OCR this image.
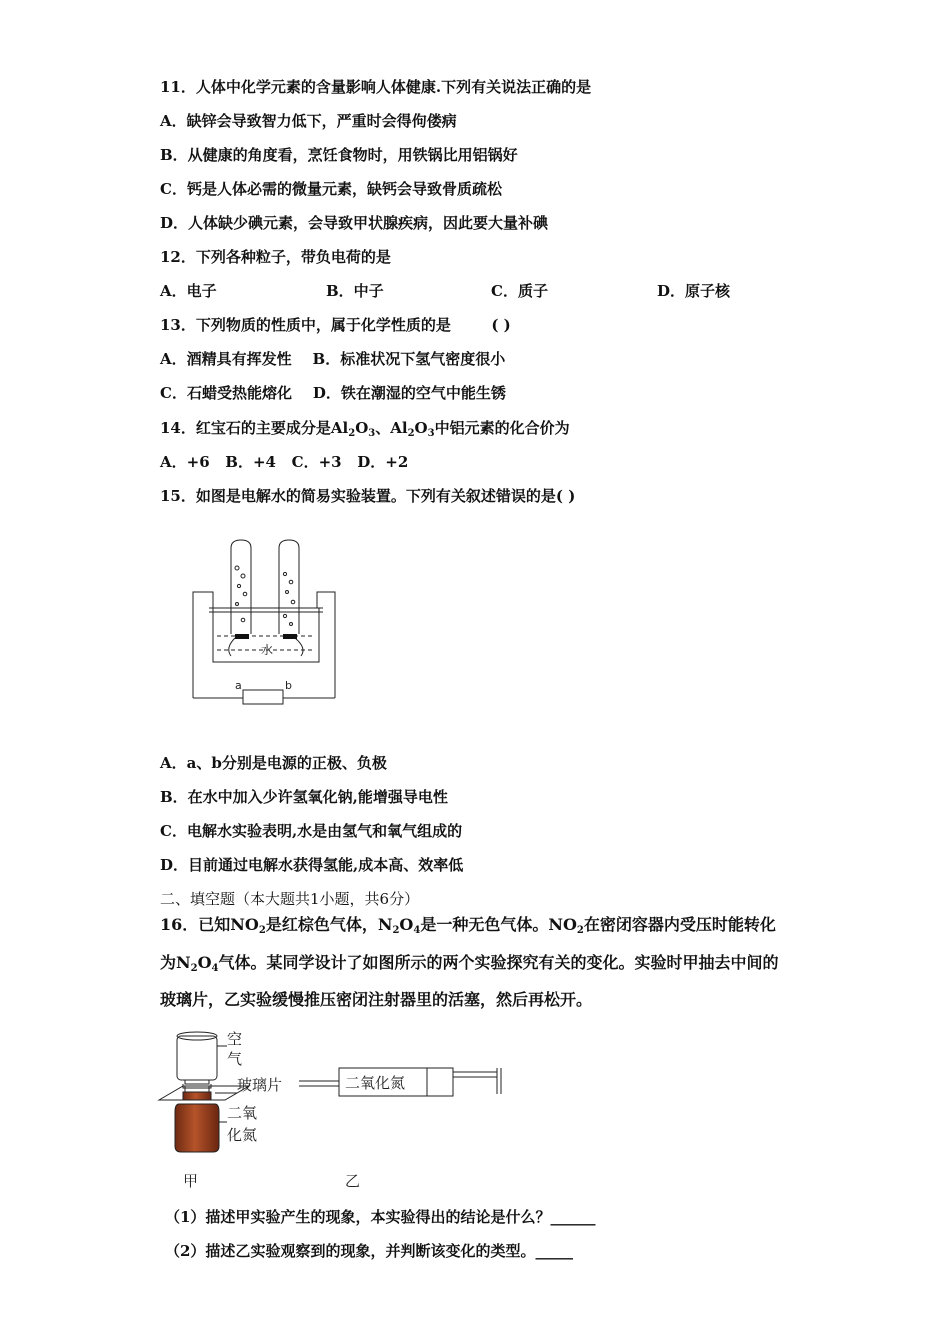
11．人体中化学元素的含量影响人体健康.下列有关说法正确的是
A．缺锌会导致智力低下，严重时会得佝偻病
B．从健康的角度看，烹饪食物时，用铁锅比用铝锅好
C．钙是人体必需的微量元素，缺钙会导致骨质疏松
D．人体缺少碘元素，会导致甲状腺疾病，因此要大量补碘
12．下列各种粒子，带负电荷的是
A．电子	B．中子	C．质子	D．原子核
13．下列物质的性质中，属于化学性质的是	( )
A．酒精具有挥发性    B．标准状况下氢气密度很小
C．石蜡受热能熔化    D．铁在潮湿的空气中能生锈
14．红宝石的主要成分是$Al_2O_3$、$Al_2O_3$中铝元素的化合价为
A．+6   B．+4   C．+3   D．+2
15．如图是电解水的简易实验装置。下列有关叙述错误的是( )
水
a	b
A．a、b分别是电源的正极、负极
B．在水中加入少许氢氧化钠,能增强导电性
C．电解水实验表明,水是由氢气和氧气组成的
D．目前通过电解水获得氢能,成本高、效率低
二、填空题（本大题共1小题，共6分）
16．已知$NO_2$是红棕色气体，$N_2O_4$是一种无色气体。$NO_2$在密闭容器内受压时能转化
为$N_2O_4$气体。某同学设计了如图所示的两个实验探究有关的变化。实验时甲抽去中间的
玻璃片，乙实验缓慢推压密闭注射器里的活塞，然后再松开。
空
气
玻璃片
二氧
化氮
二氧化氮
甲	乙
（1）描述甲实验产生的现象，本实验得出的结论是什么？______
（2）描述乙实验观察到的现象，并判断该变化的类型。_____
